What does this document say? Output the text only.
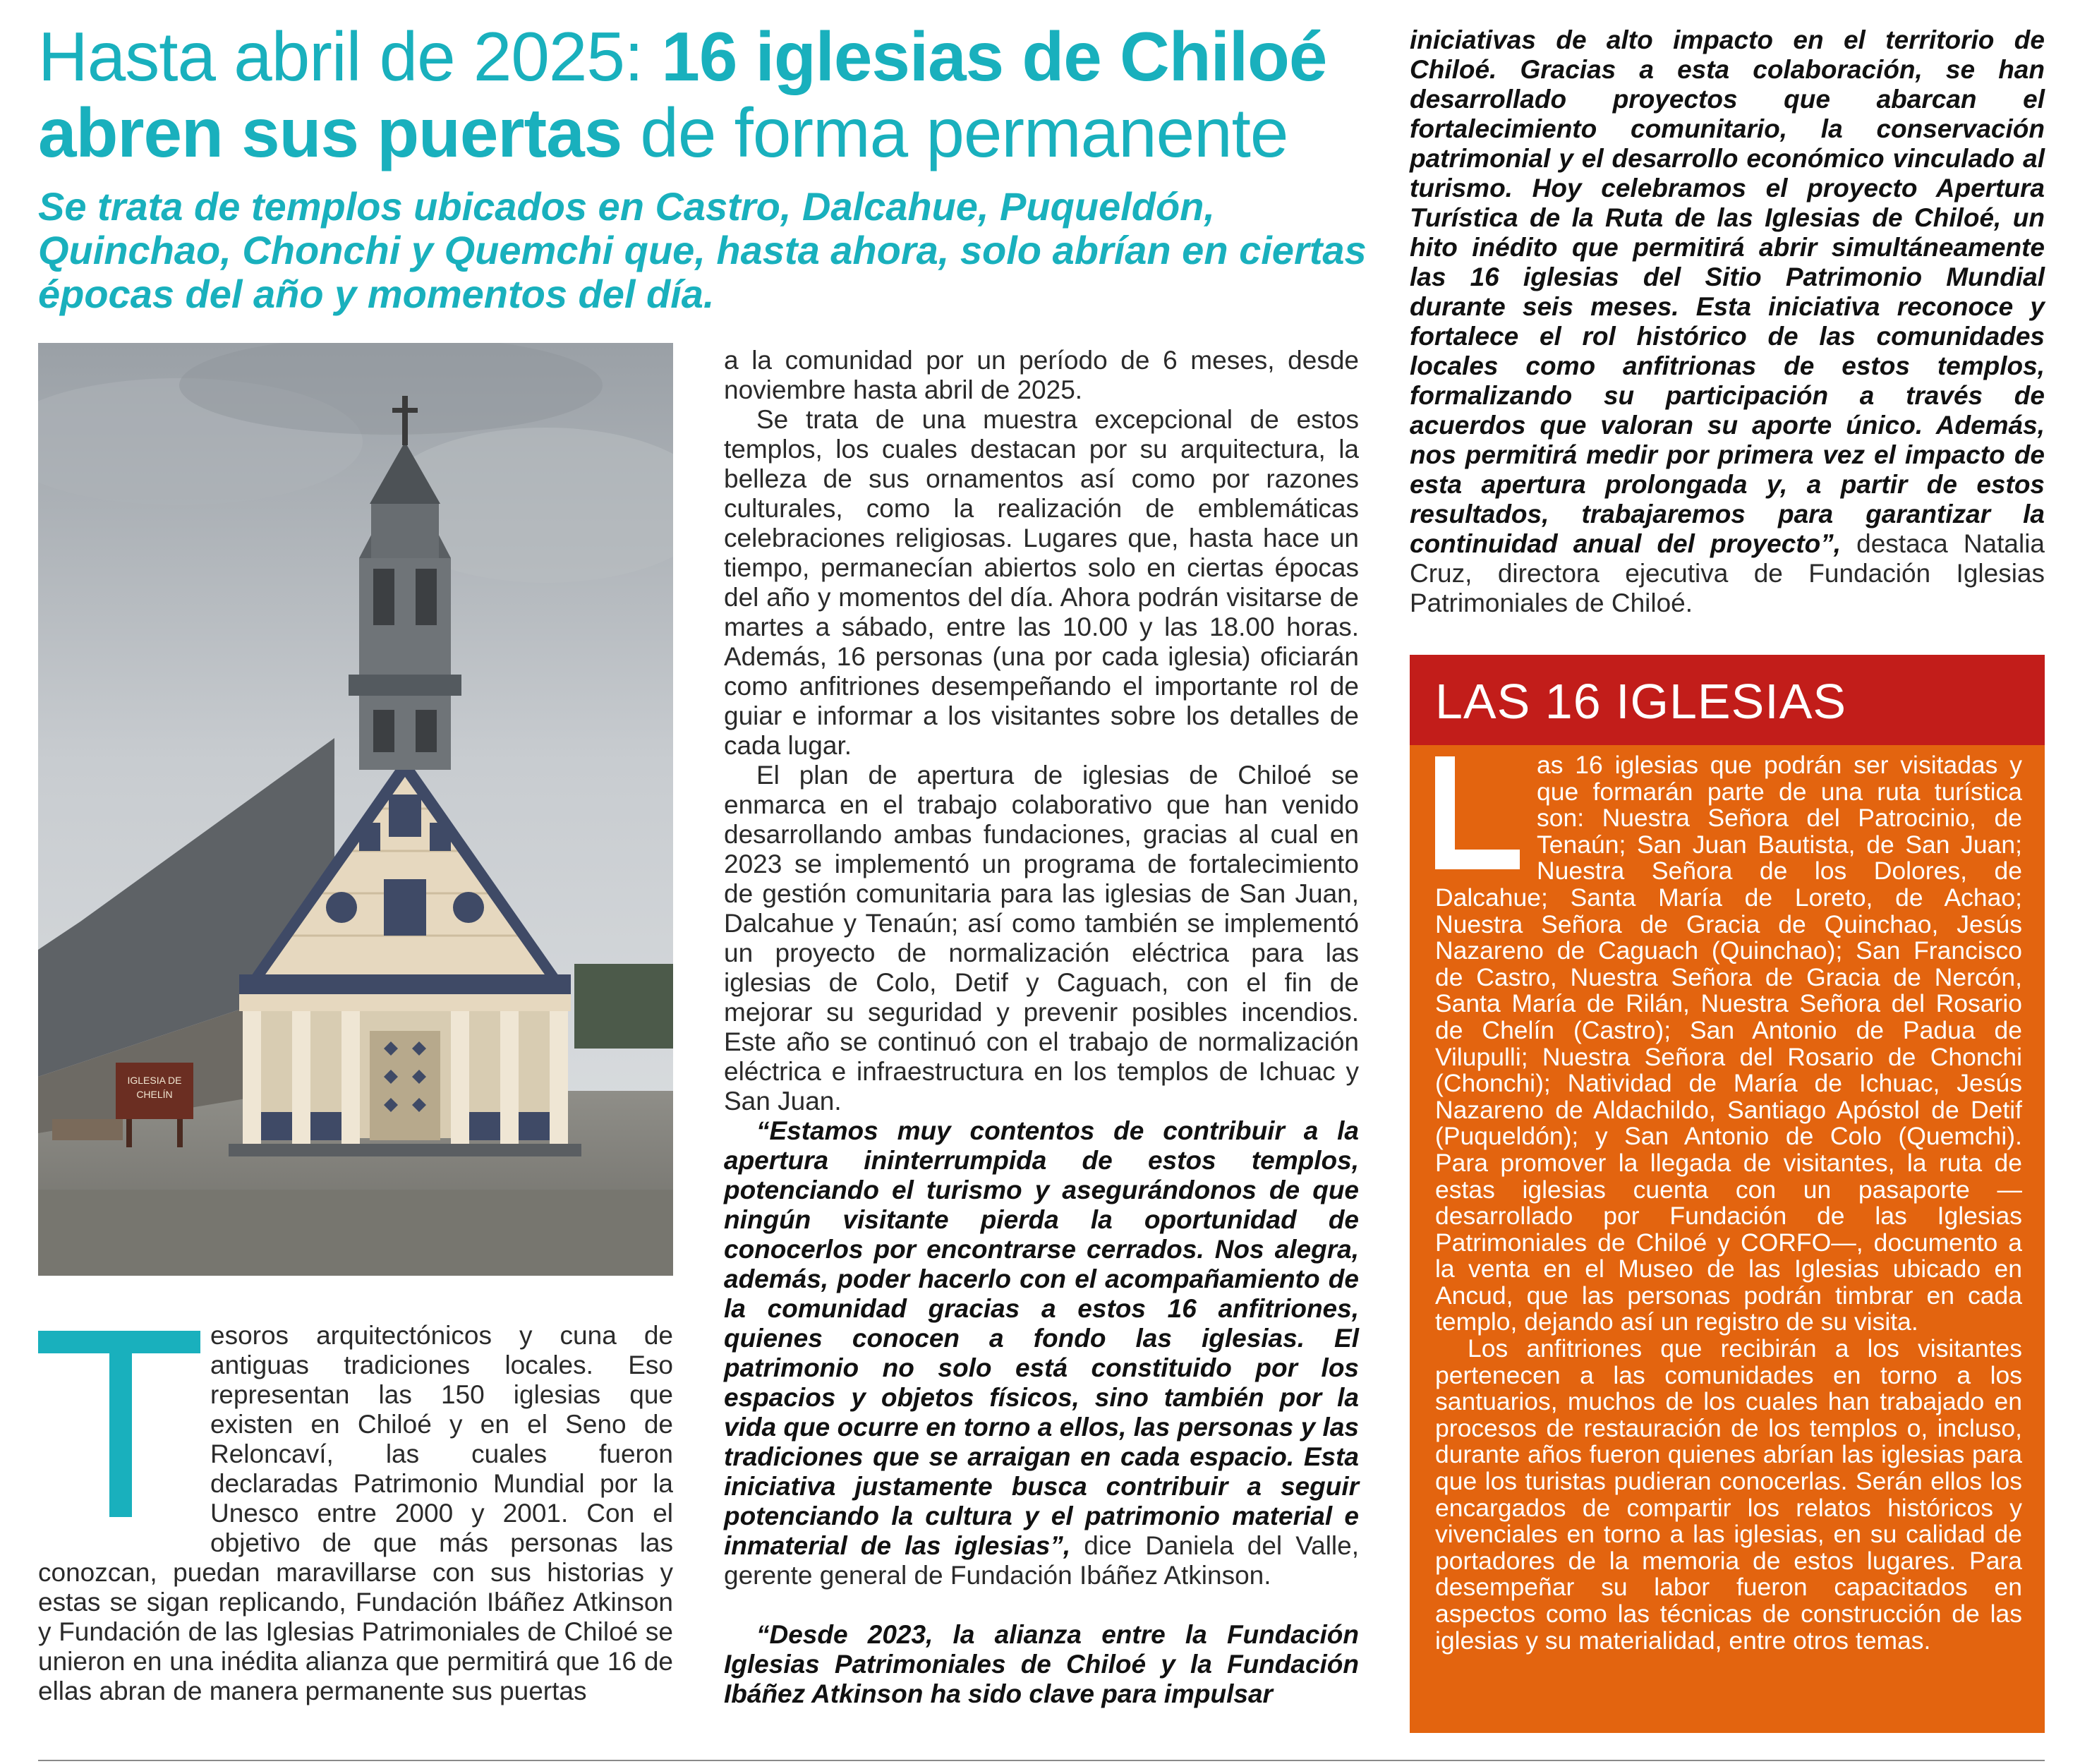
Hasta abril de 2025: 16 iglesias de Chiloé abren sus puertas de forma permanente

Se trata de templos ubicados en Castro, Dalcahue, Puqueldón, Quinchao, Chonchi y Quemchi que, hasta ahora, solo abrían en ciertas épocas del año y momentos del día.

IGLESIA DE
CHELÍN

esoros arquitectónicos y cuna de antiguas tradiciones locales. Eso representan las 150 iglesias que existen en Chiloé y en el Seno de Reloncaví, las cuales fueron declaradas Patrimonio Mundial por la Unesco entre 2000 y 2001. Con el objetivo de que más personas las conozcan, puedan maravillarse con sus historias y estas se sigan replicando, Fundación Ibáñez Atkinson y Fundación de las Iglesias Patrimoniales de Chiloé se unieron en una inédita alianza que permitirá que 16 de ellas abran de manera permanente sus puertas

a la comunidad por un período de 6 meses, desde noviembre hasta abril de 2025.

Se trata de una muestra excepcional de estos templos, los cuales destacan por su arquitectura, la belleza de sus ornamentos así como por razones culturales, como la realización de emblemáticas celebraciones religiosas. Lugares que, hasta hace un tiempo, permanecían abiertos solo en ciertas épocas del año y momentos del día. Ahora podrán visitarse de martes a sábado, entre las 10.00 y las 18.00 horas. Además, 16 personas (una por cada iglesia) oficiarán como anfitriones desempeñando el importante rol de guiar e informar a los visitantes sobre los detalles de cada lugar.

El plan de apertura de iglesias de Chiloé se enmarca en el trabajo colaborativo que han venido desarrollando ambas fundaciones, gracias al cual en 2023 se implementó un programa de fortalecimiento de gestión comunitaria para las iglesias de San Juan, Dalcahue y Tenaún; así como también se implementó un proyecto de normalización eléctrica para las iglesias de Colo, Detif y Caguach, con el fin de mejorar su seguridad y prevenir posibles incendios. Este año se continuó con el trabajo de normalización eléctrica e infraestructura en los templos de Ichuac y San Juan.

“Estamos muy contentos de contribuir a la apertura ininterrumpida de estos templos, potenciando el turismo y asegurándonos de que ningún visitante pierda la oportunidad de conocerlos por encontrarse cerrados. Nos alegra, además, poder hacerlo con el acompañamiento de la comunidad gracias a estos 16 anfitriones, quienes conocen a fondo las iglesias. El patrimonio no solo está constituido por los espacios y objetos físicos, sino también por la vida que ocurre en torno a ellos, las personas y las tradiciones que se arraigan en cada espacio. Esta iniciativa justamente busca contribuir a seguir potenciando la cultura y el patrimonio material e inmaterial de las iglesias”, dice Daniela del Valle, gerente general de Fundación Ibáñez Atkinson.

“Desde 2023, la alianza entre la Fundación Iglesias Patrimoniales de Chiloé y la Fundación Ibáñez Atkinson ha sido clave para impulsar

iniciativas de alto impacto en el territorio de Chiloé. Gracias a esta colaboración, se han desarrollado proyectos que abarcan el fortalecimiento comunitario, la conservación patrimonial y el desarrollo económico vinculado al turismo. Hoy celebramos el proyecto Apertura Turística de la Ruta de las Iglesias de Chiloé, un hito inédito que permitirá abrir simultáneamente las 16 iglesias del Sitio Patrimonio Mundial durante seis meses. Esta iniciativa reconoce y fortalece el rol histórico de las comunidades locales como anfitrionas de estos templos, formalizando su participación a través de acuerdos que valoran su aporte único. Además, nos permitirá medir por primera vez el impacto de esta apertura prolongada y, a partir de estos resultados, trabajaremos para garantizar la continuidad anual del proyecto”, destaca Natalia Cruz, directora ejecutiva de Fundación Iglesias Patrimoniales de Chiloé.

LAS 16 IGLESIAS

as 16 iglesias que podrán ser visitadas y que formarán parte de una ruta turística son: Nuestra Señora del Patrocinio, de Tenaún; San Juan Bautista, de San Juan; Nuestra Señora de los Dolores, de Dalcahue; Santa María de Loreto, de Achao; Nuestra Señora de Gracia de Quinchao, Jesús Nazareno de Caguach (Quinchao); San Francisco de Castro, Nuestra Señora de Gracia de Nercón, Santa María de Rilán, Nuestra Señora del Rosario de Chelín (Castro); San Antonio de Padua de Vilupulli; Nuestra Señora del Rosario de Chonchi (Chonchi); Natividad de María de Ichuac, Jesús Nazareno de Aldachildo, Santiago Apóstol de Detif (Puqueldón); y San Antonio de Colo (Quemchi). Para promover la llegada de visitantes, la ruta de estas iglesias cuenta con un pasaporte —desarrollado por Fundación de las Iglesias Patrimoniales de Chiloé y CORFO—, documento a la venta en el Museo de las Iglesias ubicado en Ancud, que las personas podrán timbrar en cada templo, dejando así un registro de su visita.

Los anfitriones que recibirán a los visitantes pertenecen a las comunidades en torno a los santuarios, muchos de los cuales han trabajado en procesos de restauración de los templos o, incluso, durante años fueron quienes abrían las iglesias para que los turistas pudieran conocerlas. Serán ellos los encargados de compartir los relatos históricos y vivenciales en torno a las iglesias, en su calidad de portadores de la memoria de estos lugares. Para desempeñar su labor fueron capacitados en aspectos como las técnicas de construcción de las iglesias y su materialidad, entre otros temas.
